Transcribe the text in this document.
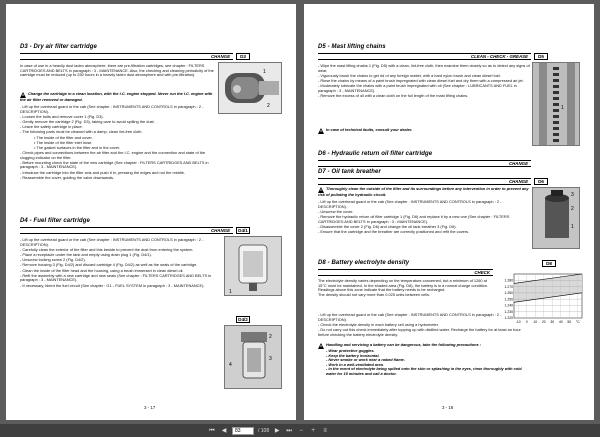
D3 - Dry air filter cartridge
CHANGE	D3
1
2

In case of use in a heavily dust laden atmosphere, there are pre-filtration cartridges, see chapter : FILTERS CARTRIDGES AND BELTS in paragraph : 3 - MAINTENANCE. Also, the checking and cleaning periodicity of the cartridge must be reduced (up to 250 hours in a heavily laden dust atmosphere and with pre-filtration).

Change the cartridge in a clean location, with the I.C. engine stopped. Never run the I.C. engine with the air filter removed or damaged.

- Lift up the overhead guard or the cab (See chapter : INSTRUMENTS AND CONTROLS in paragraph : 2 - DESCRIPTION).

- Loosen the bolts and remove cover 1 (Fig. D3).

- Gently remove the cartridge 2 (Fig. D3), taking care to avoid spilling the dust.

- Leave the safety cartridge in place.

- The following parts must be cleaned with a damp, clean lint-free cloth.

• The inside of the filter and cover.

• The inside of the filter inlet hose.

• The gasket surfaces in the filter and in the cover.

- Check pipes and connections between the air filter and the I.C. engine and the connection and state of the clogging indicator on the filter.

- Before mounting check the state of the new cartridge (See chapter : FILTERS CARTRIDGES AND BELTS in paragraph : 3 - MAINTENANCE).

- Introduce the cartridge into the filter axis and push it in, pressing the edges and not the middle.

- Reassemble the cover, guiding the valve downwards.

D4 - Fuel filter cartridge
CHANGE	D4/1
1
D4/2
2
3
4

- Lift up the overhead guard or the cab (See chapter : INSTRUMENTS AND CONTROLS in paragraph : 2 - DESCRIPTION).

- Carefully clean the exterior of the filter and this beside to prevent the dust from entering the system.

- Place a receptacle under the tank and empty using drain plug 1 (Fig. D4/1).

- Unscrew locking screw 2 (Fig. D4/2).

- Remove housing 3 (Fig. D4/2) and discard cartridge 4 (Fig. D4/2) as well as the seals of the cartridge.

- Clean the inside of the filter head and the housing, using a brush immersed in clean diesel oil.

- Refit the assembly with a new cartridge and new seals (See chapter : FILTERS CARTRIDGES AND BELTS in paragraph : 3 - MAINTENANCE).

- If necessary, bleed the fuel circuit (See chapter : G1 - FUEL SYSTEM in paragraph : 3 - MAINTENANCE).

3 - 17
D5 - Mast lifting chains
CLEAN - CHECK - GREASE	D5
1

- Wipe the mast lifting chains 1 (Fig. D5) with a clean, lint-free cloth, then examine them closely so as to detect any signs of wear.

- Vigorously brush the chains to get rid of any foreign matter, with a hard nylon brush and clean diesel fuel.

- Rinse the chains by means of a paint brush impregnated with clean diesel fuel and dry them with a compressed air jet.

- Moderately lubricate the chains with a paint brush impregnated with oil (See chapter : LUBRICANTS AND FUEL in paragraph : 3 - MAINTENANCE).

- Remove the excess of oil with a clean cloth on the full length of the mast lifting chains.

In case of technical faults, consult your dealer.
D6 - Hydraulic return oil filter cartridge
CHANGE
D7 - Oil tank breather
CHANGE	D6
3
2
1
Thoroughly clean the outside of the filter and its surroundings before any intervention in order to prevent any risk of polluting the hydraulic circuit.

- Lift up the overhead guard or the cab (See chapter : INSTRUMENTS AND CONTROLS in paragraph : 2 - DESCRIPTION).

- Unscrew the cover.

- Remove the hydraulic return oil filter cartridge 1 (Fig. D6) and replace it by a new one (See chapter : FILTERS CARTRIDGES AND BELTS in paragraph : 3 - MAINTENANCE).

- Disassemble the cover 2 (Fig. D6) and change the oil tank breather 3 (Fig. D6).

- Ensure that the cartridge and the breather are correctly positioned and refit the covers.

D8 - Battery electrolyte density
CHECK
D8
1.280
1.270
1.260
1.250
1.240
1.230
1.220
-10 0 10 20 30 40 50 °C

The electrolyte density varies depending on the temperature concerned, but a minimum of 1260 at 15°C must be maintained. In the shaded area (Fig. D8), the battery is in a normal charge condition. Readings above this zone indicate that the battery needs to be recharged.

The density should not vary more than 0.025 units between cells.

- Lift up the overhead guard or the cab (See chapter : INSTRUMENTS AND CONTROLS in paragraph : 2 - DESCRIPTION).

- Check the electrolyte density in each battery cell using a hydrometer.

- Do not carry out this check immediately after topping up with distilled water. Recharge the battery for at least an hour before checking the battery electrolyte density.

Handling and servicing a battery can be dangerous, take the following precautions :
- Wear protective goggles.
- Keep the battery horizontal.
- Never smoke or work near a naked flame.
- Work in a well-ventilated area.
- In the event of electrolyte being spilled onto the skin or splashing in the eyes, rinse thoroughly with cold water for 15 minutes and call a doctor.
3 - 18
⏮ ◀	83	/ 108 ▶ ⏭	−	+	≡
